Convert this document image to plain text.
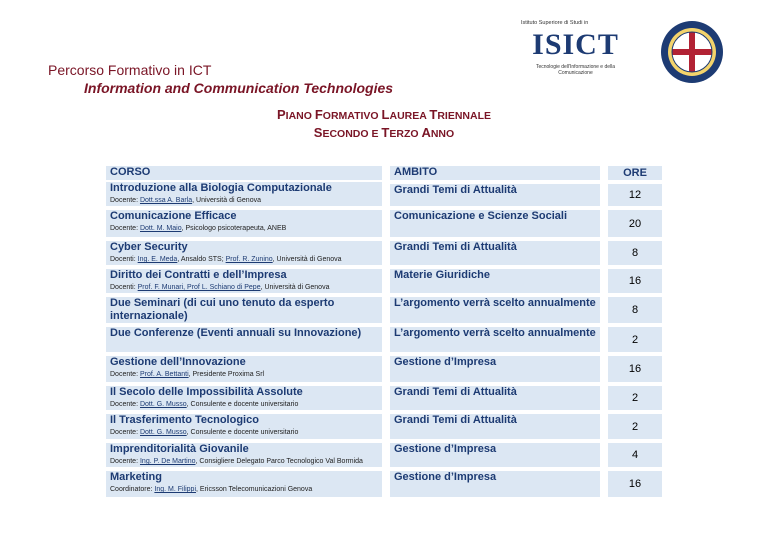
Percorso Formativo in ICT
Information and Communication Technologies
PIANO FORMATIVO LAUREA TRIENNALE
SECONDO E TERZO ANNO
Istituto Superiore di Studi in
ISICT
Tecnologie dell'Informazione e della Comunicazione
CORSO	AMBITO	ORE

Introduzione alla Biologia Computazionale
Docente: Dott.ssa A. Barla, Università di Genova	Grandi Temi di Attualità	12

Comunicazione Efficace
Docente: Dott. M. Maio, Psicologo psicoterapeuta, ANEB	Comunicazione e Scienze Sociali	20

Cyber Security
Docenti: Ing. E. Meda, Ansaldo STS; Prof. R. Zunino, Università di Genova	Grandi Temi di Attualità	8

Diritto dei Contratti e dell’Impresa
Docenti: Prof. F. Munari, Prof L. Schiano di Pepe, Università di Genova	Materie Giuridiche	16

Due Seminari (di cui uno tenuto da esperto internazionale)	L’argomento verrà scelto annualmente	8

Due Conferenze (Eventi annuali su Innovazione)	L’argomento verrà scelto annualmente	2

Gestione dell’Innovazione
Docente: Prof. A. Bettanti, Presidente Proxima Srl	Gestione d’Impresa	16

Il Secolo delle Impossibilità Assolute
Docente: Dott. G. Musso, Consulente e docente universitario	Grandi Temi di Attualità	2

Il Trasferimento Tecnologico
Docente: Dott. G. Musso, Consulente e docente universitario	Grandi Temi di Attualità	2

Imprenditorialità Giovanile
Docente: Ing. P. De Martino, Consigliere Delegato Parco Tecnologico Val Bormida	Gestione d’Impresa	4

Marketing
Coordinatore: Ing. M. Filippi, Ericsson Telecomunicazioni Genova	Gestione d’Impresa	16
